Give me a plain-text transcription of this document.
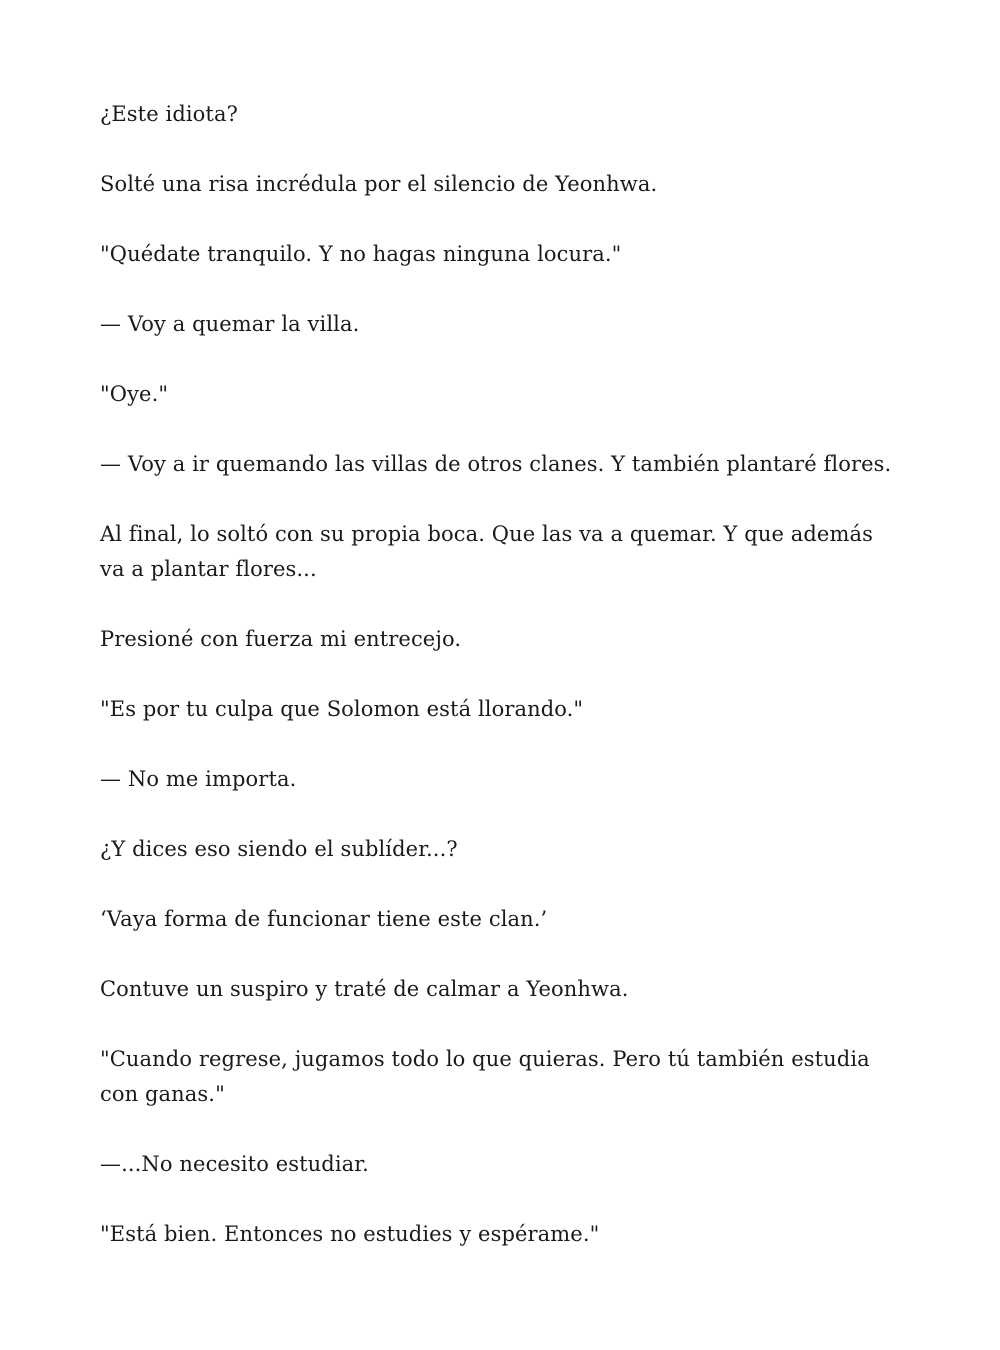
¿Este idiota?

Solté una risa incrédula por el silencio de Yeonhwa.

"Quédate tranquilo. Y no hagas ninguna locura."

— Voy a quemar la villa.

"Oye."

— Voy a ir quemando las villas de otros clanes. Y también plantaré flores.

Al final, lo soltó con su propia boca. Que las va a quemar. Y que además va a plantar flores...

Presioné con fuerza mi entrecejo.

"Es por tu culpa que Solomon está llorando."

— No me importa.

¿Y dices eso siendo el sublíder...?

‘Vaya forma de funcionar tiene este clan.’

Contuve un suspiro y traté de calmar a Yeonhwa.

"Cuando regrese, jugamos todo lo que quieras. Pero tú también estudia con ganas."

—...No necesito estudiar.

"Está bien. Entonces no estudies y espérame."
